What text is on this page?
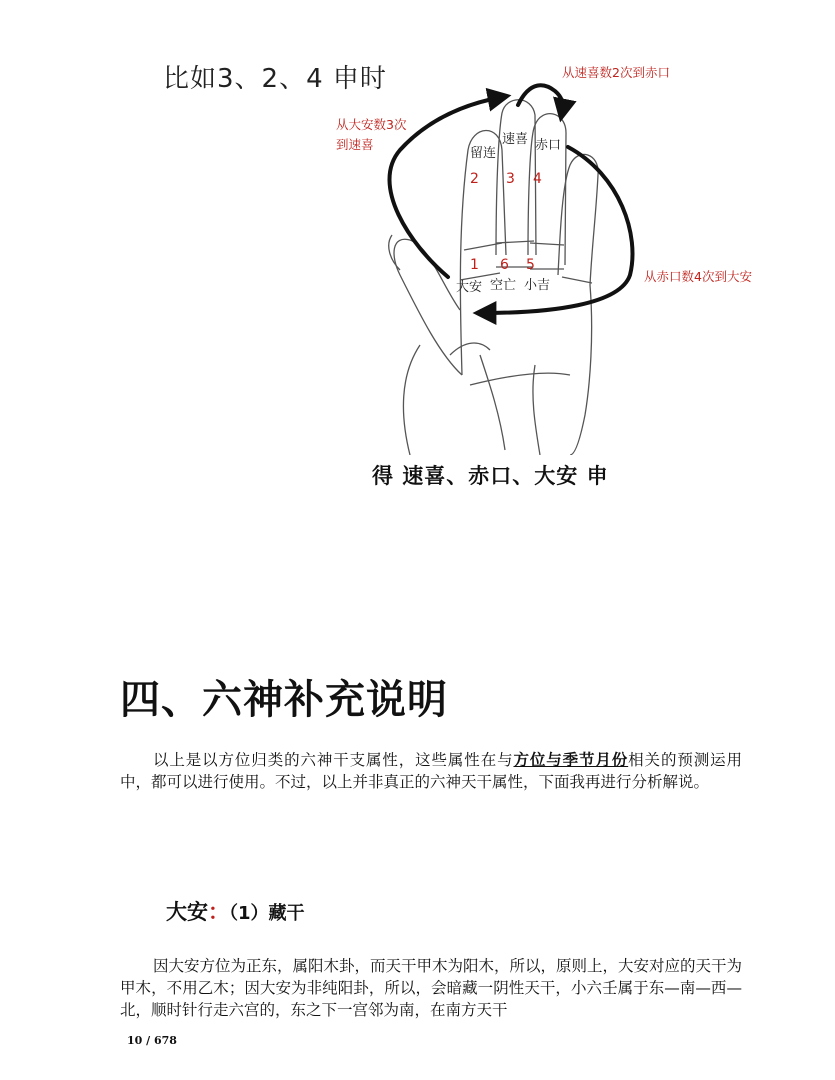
比如3、2、4 申时	从速喜数2次到赤口
从大安数3次
到速喜
从赤口数4次到大安
留连
速喜 赤口
2 3 4
1 6 5
大安 空亡 小吉
得 速喜、赤口、大安 申
四、六神补充说明
以上是以方位归类的六神干支属性，这些属性在与方位与季节月份相关的预测运用中，都可以进行使用。不过，以上并非真正的六神天干属性，下面我再进行分析解说。
大安：（1）藏干
因大安方位为正东，属阳木卦，而天干甲木为阳木，所以，原则上，大安对应的天干为甲木，不用乙木；因大安为非纯阳卦，所以，会暗藏一阴性天干，小六壬属于东—南—西—北，顺时针行走六宫的，东之下一宫邻为南，在南方天干
10 / 678
